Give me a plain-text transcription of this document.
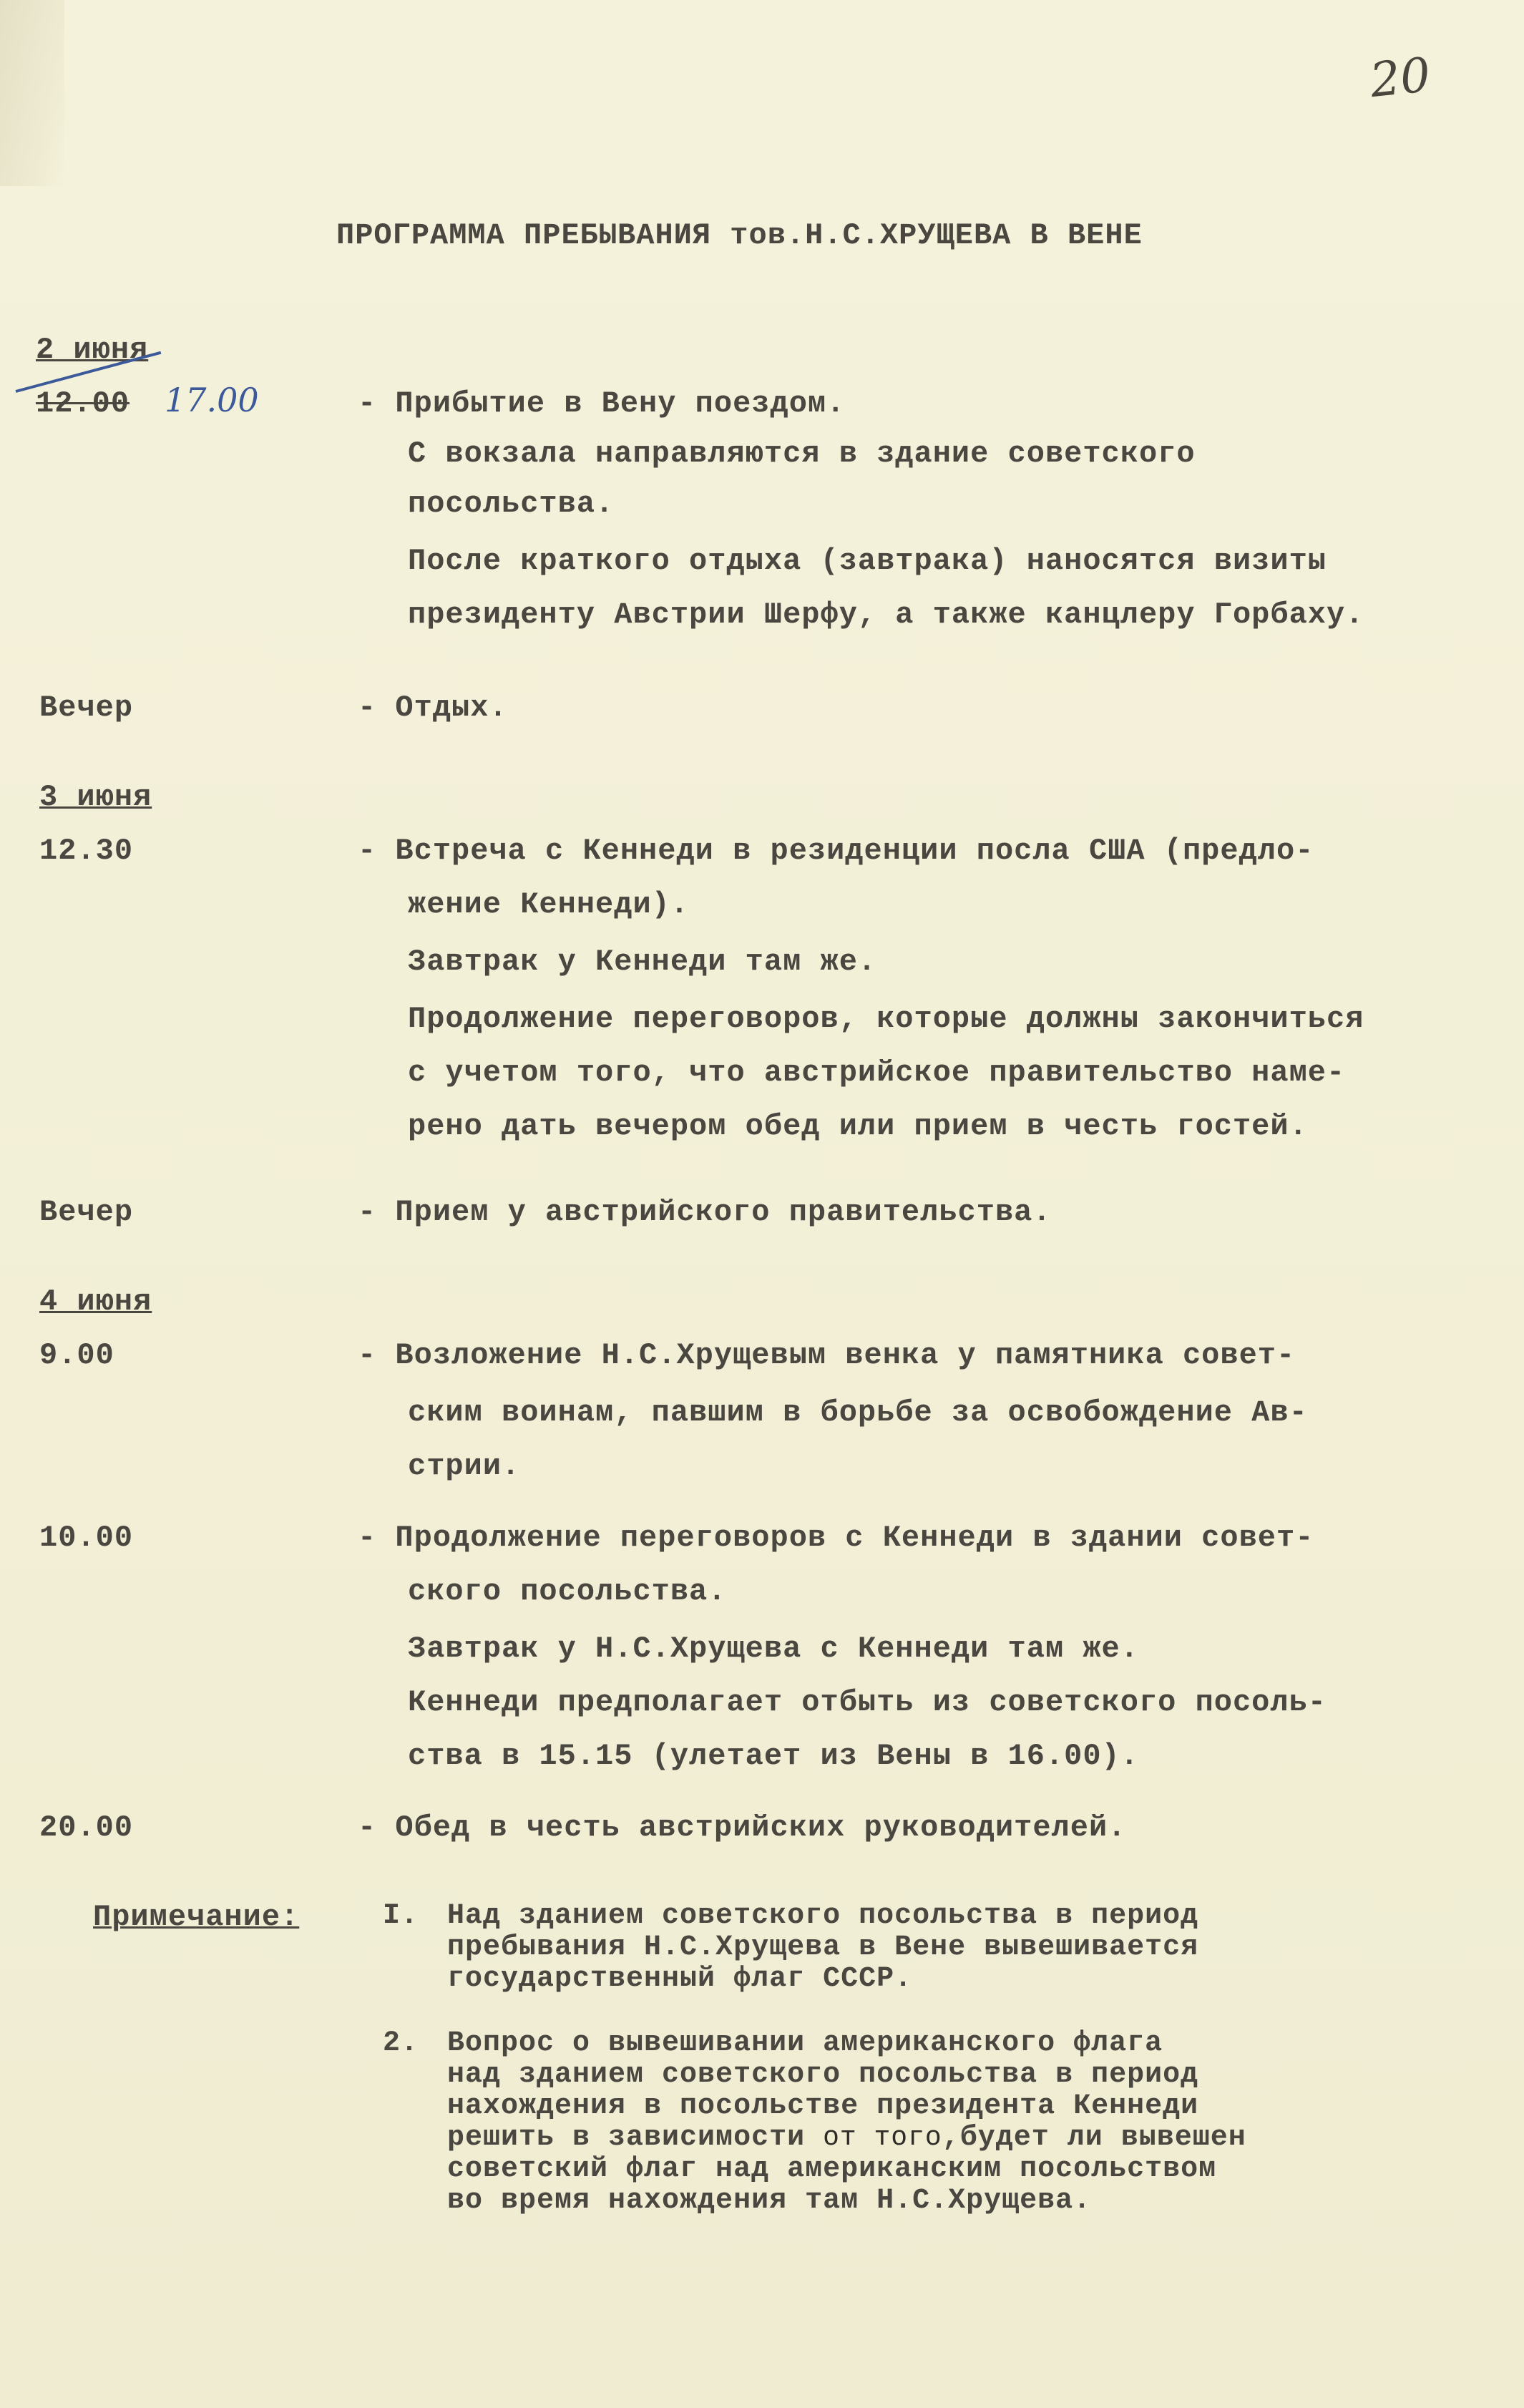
20
ПРОГРАММА ПРЕБЫВАНИЯ тов.Н.С.ХРУЩЕВА В ВЕНЕ
2 июня
12.00 17.00	- Прибытие в Вену поездом.
С вокзала направляются в здание советского
посольства.
После краткого отдыха (завтрака) наносятся визиты
президенту Австрии Шерфу, а также канцлеру Горбаху.
Вечер	- Отдых.
3 июня
12.30	- Встреча с Кеннеди в резиденции посла США (предло-
жение Кеннеди).
Завтрак у Кеннеди там же.
Продолжение переговоров, которые должны закончиться
с учетом того, что австрийское правительство наме-
рено дать вечером обед или прием в честь гостей.
Вечер	- Прием у австрийского правительства.
4 июня
9.00	- Возложение Н.С.Хрущевым венка у памятника совет-
ским воинам, павшим в борьбе за освобождение Ав-
стрии.
10.00	- Продолжение переговоров с Кеннеди в здании совет-
ского посольства.
Завтрак у Н.С.Хрущева с Кеннеди там же.
Кеннеди предполагает отбыть из советского посоль-
ства в 15.15 (улетает из Вены в 16.00).
20.00	- Обед в честь австрийских руководителей.
Примечание:	I. Над зданием советского посольства в период
пребывания Н.С.Хрущева в Вене вывешивается
государственный флаг СССР.
2. Вопрос о вывешивании американского флага
над зданием советского посольства в период
нахождения в посольстве президента Кеннеди
решить в зависимости от того,будет ли вывешен
советский флаг над американским посольством
во время нахождения там Н.С.Хрущева.
